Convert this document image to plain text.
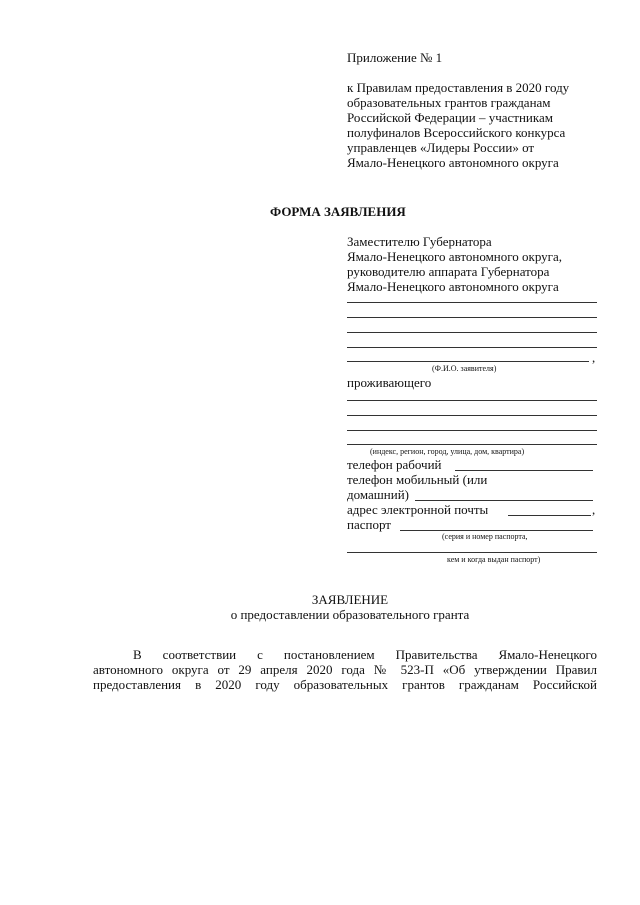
Приложение № 1
к Правилам предоставления в 2020 году
образовательных грантов гражданам
Российской Федерации – участникам
полуфиналов Всероссийского конкурса
управленцев «Лидеры России» от
Ямало-Ненецкого автономного округа
ФОРМА ЗАЯВЛЕНИЯ
Заместителю Губернатора
Ямало-Ненецкого автономного округа,
руководителю аппарата Губернатора
Ямало-Ненецкого автономного округа
,
(Ф.И.О. заявителя)
проживающего
(индекс, регион, город, улица, дом, квартира)
телефон рабочий
телефон мобильный (или
домашний)
адрес электронной почты	,
паспорт
(серия и номер паспорта,
кем и когда выдан паспорт)
ЗАЯВЛЕНИЕ
о предоставлении образовательного гранта
В соответствии с постановлением Правительства Ямало-Ненецкого
автономного округа от 29 апреля 2020 года № 523-П «Об утверждении Правил
предоставления в 2020 году образовательных грантов гражданам Российской
